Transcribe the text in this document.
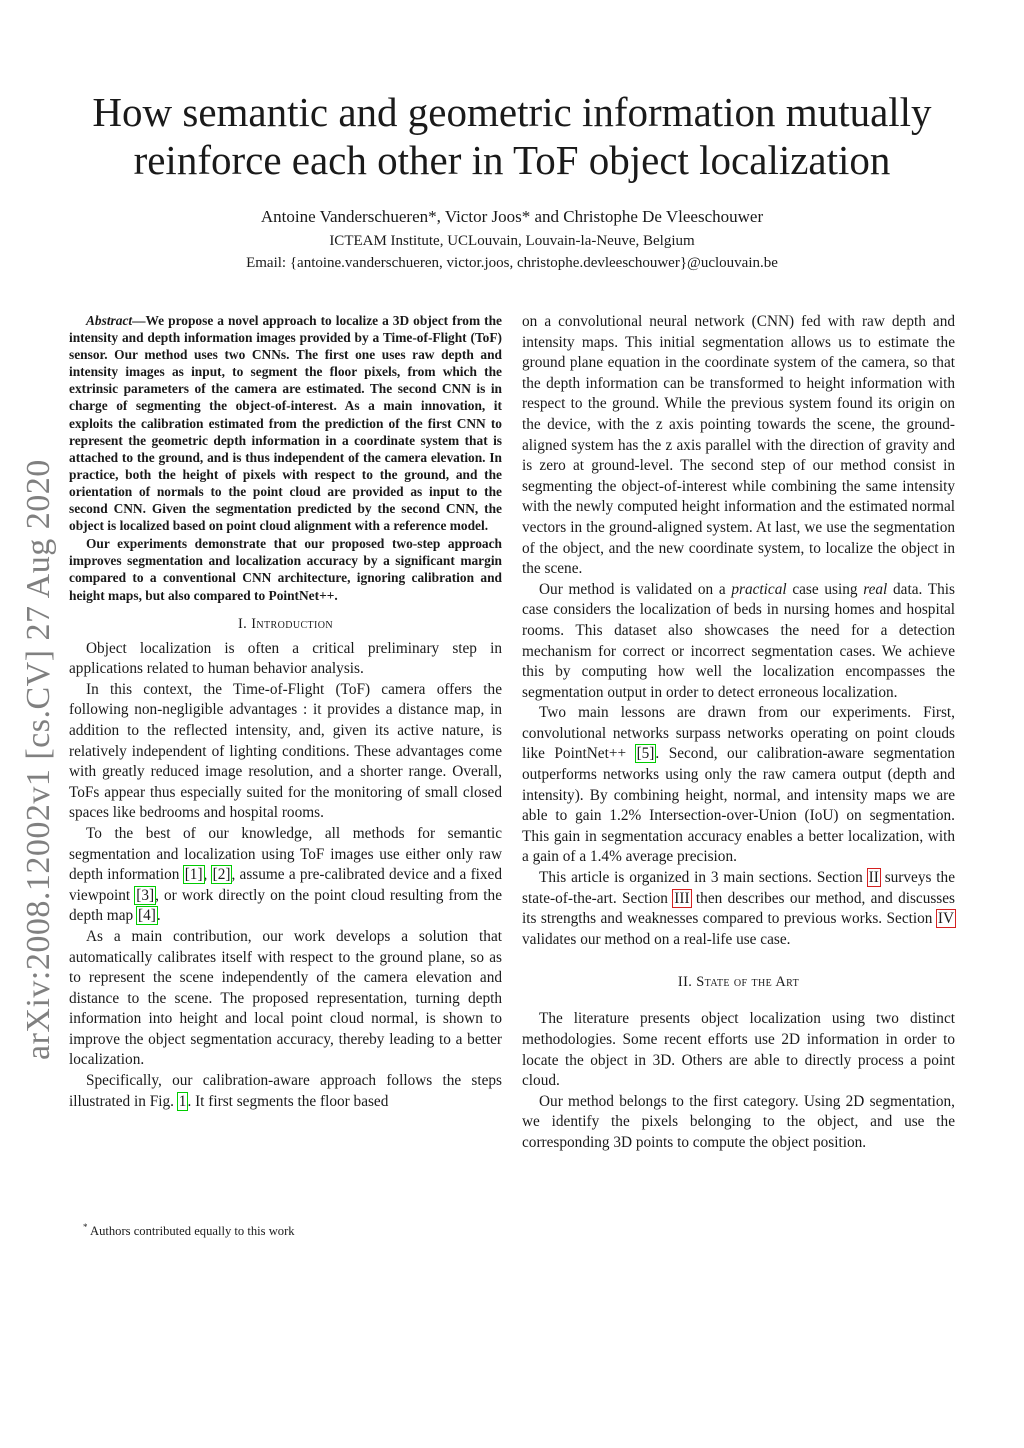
arXiv:2008.12002v1 [cs.CV] 27 Aug 2020
How semantic and geometric information mutually
reinforce each other in ToF object localization
Antoine Vanderschueren*, Victor Joos* and Christophe De Vleeschouwer
ICTEAM Institute, UCLouvain, Louvain-la-Neuve, Belgium
Email: {antoine.vanderschueren, victor.joos, christophe.devleeschouwer}@uclouvain.be

Abstract—We propose a novel approach to localize a 3D object from the intensity and depth information images provided by a Time-of-Flight (ToF) sensor. Our method uses two CNNs. The first one uses raw depth and intensity images as input, to segment the floor pixels, from which the extrinsic parameters of the camera are estimated. The second CNN is in charge of segmenting the object-of-interest. As a main innovation, it exploits the calibration estimated from the prediction of the first CNN to represent the geometric depth information in a coordinate system that is attached to the ground, and is thus independent of the camera elevation. In practice, both the height of pixels with respect to the ground, and the orientation of normals to the point cloud are provided as input to the second CNN. Given the segmentation predicted by the second CNN, the object is localized based on point cloud alignment with a reference model.

Our experiments demonstrate that our proposed two-step approach improves segmentation and localization accuracy by a significant margin compared to a conventional CNN architecture, ignoring calibration and height maps, but also compared to PointNet++.

I. Introduction

Object localization is often a critical preliminary step in applications related to human behavior analysis.

In this context, the Time-of-Flight (ToF) camera offers the following non-negligible advantages : it provides a distance map, in addition to the reflected intensity, and, given its active nature, is relatively independent of lighting conditions. These advantages come with greatly reduced image resolution, and a shorter range. Overall, ToFs appear thus especially suited for the monitoring of small closed spaces like bedrooms and hospital rooms.

To the best of our knowledge, all methods for semantic segmentation and localization using ToF images use either only raw depth information [1], [2], assume a pre-calibrated device and a fixed viewpoint [3], or work directly on the point cloud resulting from the depth map [4].

As a main contribution, our work develops a solution that automatically calibrates itself with respect to the ground plane, so as to represent the scene independently of the camera elevation and distance to the scene. The proposed representation, turning depth information into height and local point cloud normal, is shown to improve the object segmentation accuracy, thereby leading to a better localization.

Specifically, our calibration-aware approach follows the steps illustrated in Fig. 1. It first segments the floor based

* Authors contributed equally to this work

on a convolutional neural network (CNN) fed with raw depth and intensity maps. This initial segmentation allows us to estimate the ground plane equation in the coordinate system of the camera, so that the depth information can be transformed to height information with respect to the ground. While the previous system found its origin on the device, with the z axis pointing towards the scene, the ground-aligned system has the z axis parallel with the direction of gravity and is zero at ground-level. The second step of our method consist in segmenting the object-of-interest while combining the same intensity with the newly computed height information and the estimated normal vectors in the ground-aligned system. At last, we use the segmentation of the object, and the new coordinate system, to localize the object in the scene.

Our method is validated on a practical case using real data. This case considers the localization of beds in nursing homes and hospital rooms. This dataset also showcases the need for a detection mechanism for correct or incorrect segmentation cases. We achieve this by computing how well the localization encompasses the segmentation output in order to detect erroneous localization.

Two main lessons are drawn from our experiments. First, convolutional networks surpass networks operating on point clouds like PointNet++ [5]. Second, our calibration-aware segmentation outperforms networks using only the raw camera output (depth and intensity). By combining height, normal, and intensity maps we are able to gain 1.2% Intersection-over-Union (IoU) on segmentation. This gain in segmentation accuracy enables a better localization, with a gain of a 1.4% average precision.

This article is organized in 3 main sections. Section II surveys the state-of-the-art. Section III then describes our method, and discusses its strengths and weaknesses compared to previous works. Section IV validates our method on a real-life use case.

II. State of the Art

The literature presents object localization using two distinct methodologies. Some recent efforts use 2D information in order to locate the object in 3D. Others are able to directly process a point cloud.

Our method belongs to the first category. Using 2D segmentation, we identify the pixels belonging to the object, and use the corresponding 3D points to compute the object position.
